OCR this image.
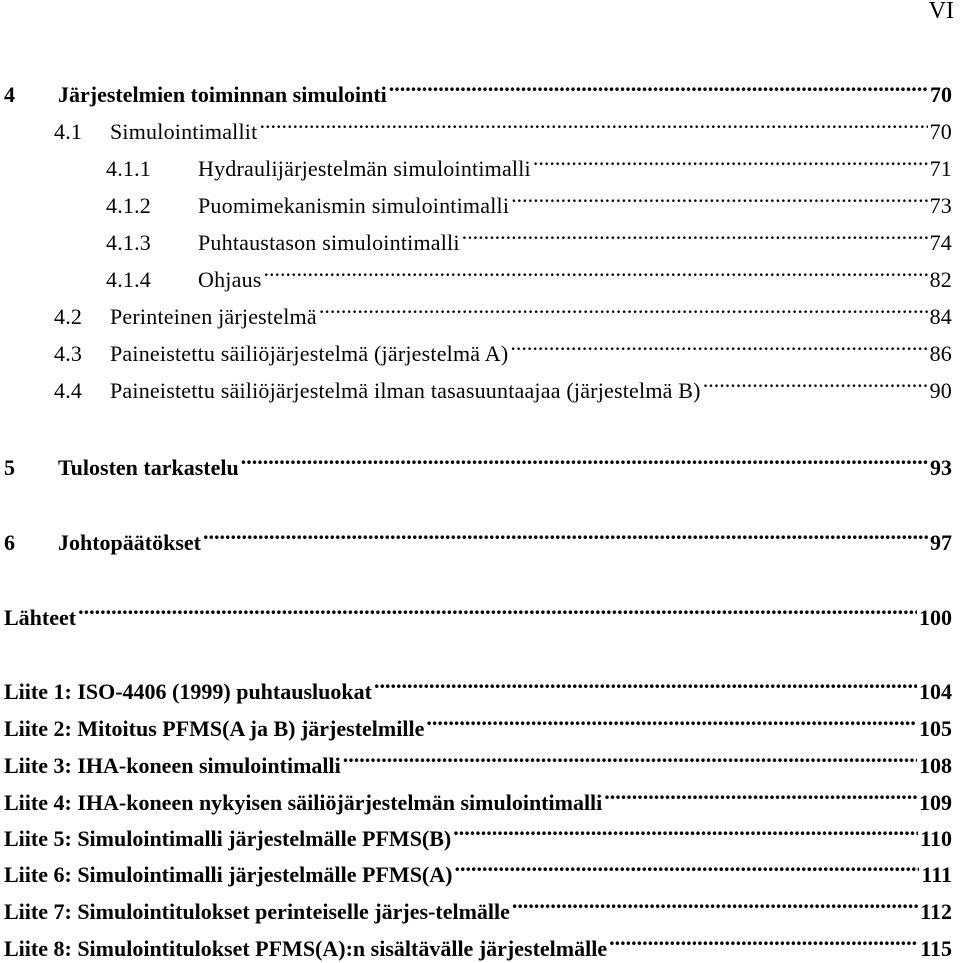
VI
4	Järjestelmien toiminnan simulointi .....	70
4.1	Simulointimallit .....	70
4.1.1	Hydraulijärjestelmän simulointimalli .....	71
4.1.2	Puomimekanismin simulointimalli .....	73
4.1.3	Puhtaustason simulointimalli .....	74
4.1.4	Ohjaus .....	82
4.2	Perinteinen järjestelmä .....	84
4.3	Paineistettu säiliöjärjestelmä (järjestelmä A) .....	86
4.4	Paineistettu säiliöjärjestelmä ilman tasasuuntaajaa (järjestelmä B) .....	90
5	Tulosten tarkastelu .....	93
6	Johtopäätökset .....	97
Lähteet .....	100
Liite 1: ISO-4406 (1999) puhtausluokat .....	104
Liite 2: Mitoitus PFMS(A ja B) järjestelmille .....	105
Liite 3: IHA-koneen simulointimalli .....	108
Liite 4: IHA-koneen nykyisen säiliöjärjestelmän simulointimalli .....	109
Liite 5: Simulointimalli järjestelmälle PFMS(B) .....	110
Liite 6: Simulointimalli järjestelmälle PFMS(A) .....	111
Liite 7: Simulointitulokset perinteiselle järjes-telmälle .....	112
Liite 8: Simulointitulokset PFMS(A):n sisältävälle järjestelmälle .....	115
